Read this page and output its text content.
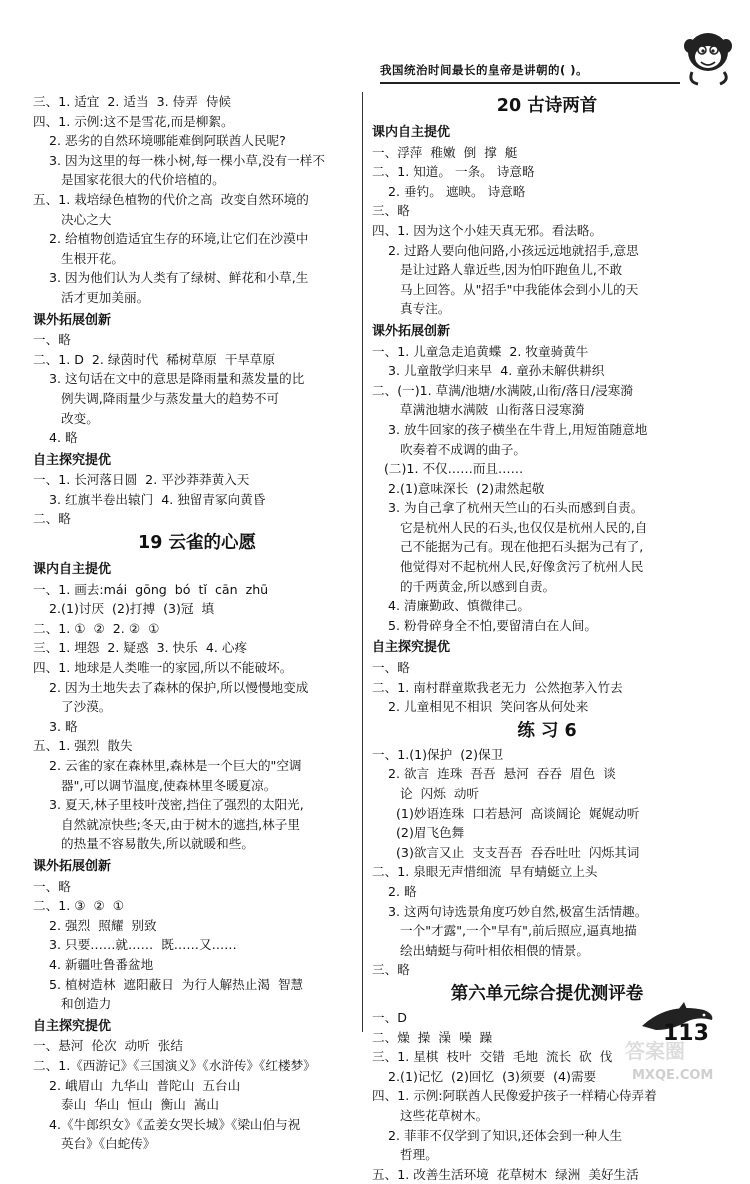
我国统治时间最长的皇帝是讲朝的( )。
三、1. 适宜  2. 适当  3. 侍弄  侍候
四、1. 示例:这不是雪花,而是柳絮。
2. 恶劣的自然环境哪能难倒阿联酋人民呢?
3. 因为这里的每一株小树,每一棵小草,没有一样不
是国家花很大的代价培植的。
五、1. 栽培绿色植物的代价之高  改变自然环境的
决心之大
2. 给植物创造适宜生存的环境,让它们在沙漠中
生根开花。
3. 因为他们认为人类有了绿树、鲜花和小草,生
活才更加美丽。
课外拓展创新
一、略
二、1. D  2. 绿茵时代  稀树草原  干旱草原
3. 这句话在文中的意思是降雨量和蒸发量的比
例失调,降雨量少与蒸发量大的趋势不可
改变。
4. 略
自主探究提优
一、1. 长河落日圆  2. 平沙莽莽黄入天
3. 红旗半卷出辕门  4. 独留青冢向黄昏
二、略
19 云雀的心愿
课内自主提优
一、1. 画去:mái  gōng  bó  tǐ  cān  zhū
2.(1)讨厌  (2)打搏  (3)冠  填
二、1. ①  ②  2. ②  ①
三、1. 埋怨  2. 疑惑  3. 快乐  4. 心疼
四、1. 地球是人类唯一的家园,所以不能破坏。
2. 因为土地失去了森林的保护,所以慢慢地变成
了沙漠。
3. 略
五、1. 强烈  散失
2. 云雀的家在森林里,森林是一个巨大的"空调
器",可以调节温度,使森林里冬暖夏凉。
3. 夏天,林子里枝叶茂密,挡住了强烈的太阳光,
自然就凉快些;冬天,由于树木的遮挡,林子里
的热量不容易散失,所以就暖和些。
课外拓展创新
一、略
二、1. ③  ②  ①
2. 强烈  照耀  别致
3. 只要……就……  既……又……
4. 新疆吐鲁番盆地
5. 植树造林  遮阳蔽日  为行人解热止渴  智慧
和创造力
自主探究提优
一、悬河  伦次  动听  张结
二、1.《西游记》《三国演义》《水浒传》《红楼梦》
2. 峨眉山  九华山  普陀山  五台山
泰山  华山  恒山  衡山  嵩山
4.《牛郎织女》《孟姜女哭长城》《梁山伯与祝
英台》《白蛇传》
20 古诗两首
课内自主提优
一、浮萍  稚嫩  倒  撑  艇
二、1. 知道。 一条。 诗意略
2. 垂钓。 遮映。 诗意略
三、略
四、1. 因为这个小娃天真无邪。看法略。
2. 过路人要向他问路,小孩远远地就招手,意思
是让过路人靠近些,因为怕吓跑鱼儿,不敢
马上回答。从"招手"中我能体会到小儿的天
真专注。
课外拓展创新
一、1. 儿童急走追黄蝶  2. 牧童骑黄牛
3. 儿童散学归来早  4. 童孙未解供耕织
二、(一)1. 草满/池塘/水满陂,山衔/落日/浸寒漪
草满池塘水满陂  山衔落日浸寒漪
3. 放牛回家的孩子横坐在牛背上,用短笛随意地
吹奏着不成调的曲子。
(二)1. 不仅……而且……
2.(1)意味深长  (2)肃然起敬
3. 为自己拿了杭州天竺山的石头而感到自责。
它是杭州人民的石头,也仅仅是杭州人民的,自
己不能据为己有。现在他把石头据为己有了,
他觉得对不起杭州人民,好像贪污了杭州人民
的千两黄金,所以感到自责。
4. 清廉勤政、慎微律己。
5. 粉骨碎身全不怕,要留清白在人间。
自主探究提优
一、略
二、1. 南村群童欺我老无力  公然抱茅入竹去
2. 儿童相见不相识  笑问客从何处来
练 习 6
一、1.(1)保护  (2)保卫
2. 欲言  连珠  吾吾  悬河  吞吞  眉色  谈
论  闪烁  动听
(1)妙语连珠  口若悬河  高谈阔论  娓娓动听
(2)眉飞色舞
(3)欲言又止  支支吾吾  吞吞吐吐  闪烁其词
二、1. 泉眼无声惜细流  早有蜻蜓立上头
2. 略
3. 这两句诗选景角度巧妙自然,极富生活情趣。
一个"才露",一个"早有",前后照应,逼真地描
绘出蜻蜓与荷叶相依相偎的情景。
三、略
第六单元综合提优测评卷
一、D
二、燥  操  澡  噪  躁
三、1. 星棋  枝叶  交错  毛地  流长  砍  伐
2.(1)记忆  (2)回忆  (3)须要  (4)需要
四、1. 示例:阿联酋人民像爱护孩子一样精心侍弄着
这些花草树木。
2. 菲菲不仅学到了知识,还体会到一种人生
哲理。
五、1. 改善生活环境  花草树木  绿洲  美好生活
113
答案圈
MXQE.COM
